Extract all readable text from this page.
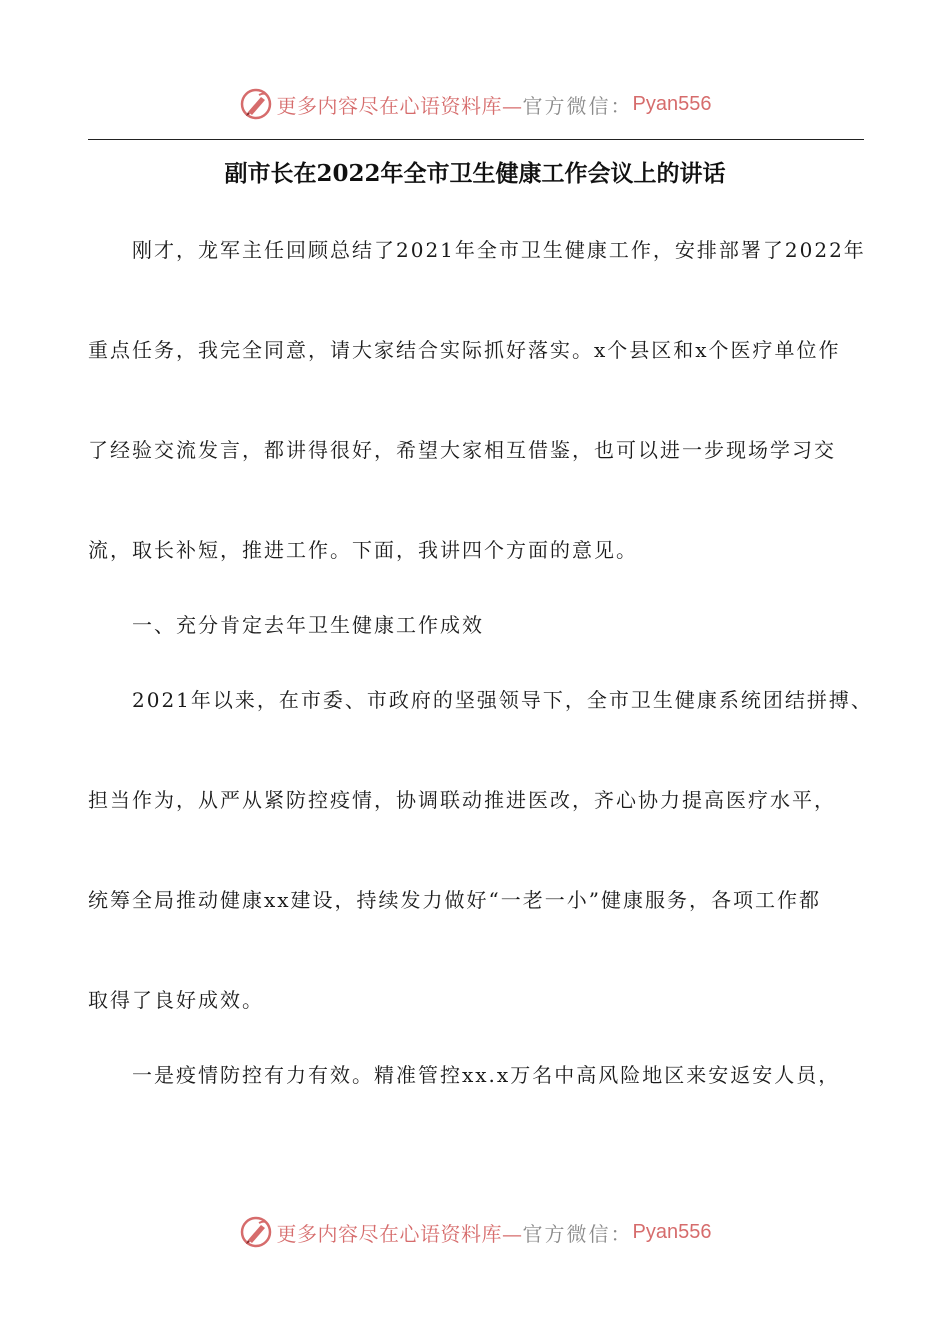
更多内容尽在心语资料库— 官方微信： Pyan556
副市长在2022年全市卫生健康工作会议上的讲话
刚才，龙军主任回顾总结了2021年全市卫生健康工作，安排部署了2022年
重点任务，我完全同意，请大家结合实际抓好落实。x个县区和x个医疗单位作
了经验交流发言，都讲得很好，希望大家相互借鉴，也可以进一步现场学习交
流，取长补短，推进工作。下面，我讲四个方面的意见。
一、充分肯定去年卫生健康工作成效
2021年以来，在市委、市政府的坚强领导下，全市卫生健康系统团结拼搏、
担当作为，从严从紧防控疫情，协调联动推进医改，齐心协力提高医疗水平，
统筹全局推动健康xx建设，持续发力做好“一老一小”健康服务，各项工作都
取得了良好成效。
一是疫情防控有力有效。精准管控xx.x万名中高风险地区来安返安人员，
更多内容尽在心语资料库— 官方微信： Pyan556
